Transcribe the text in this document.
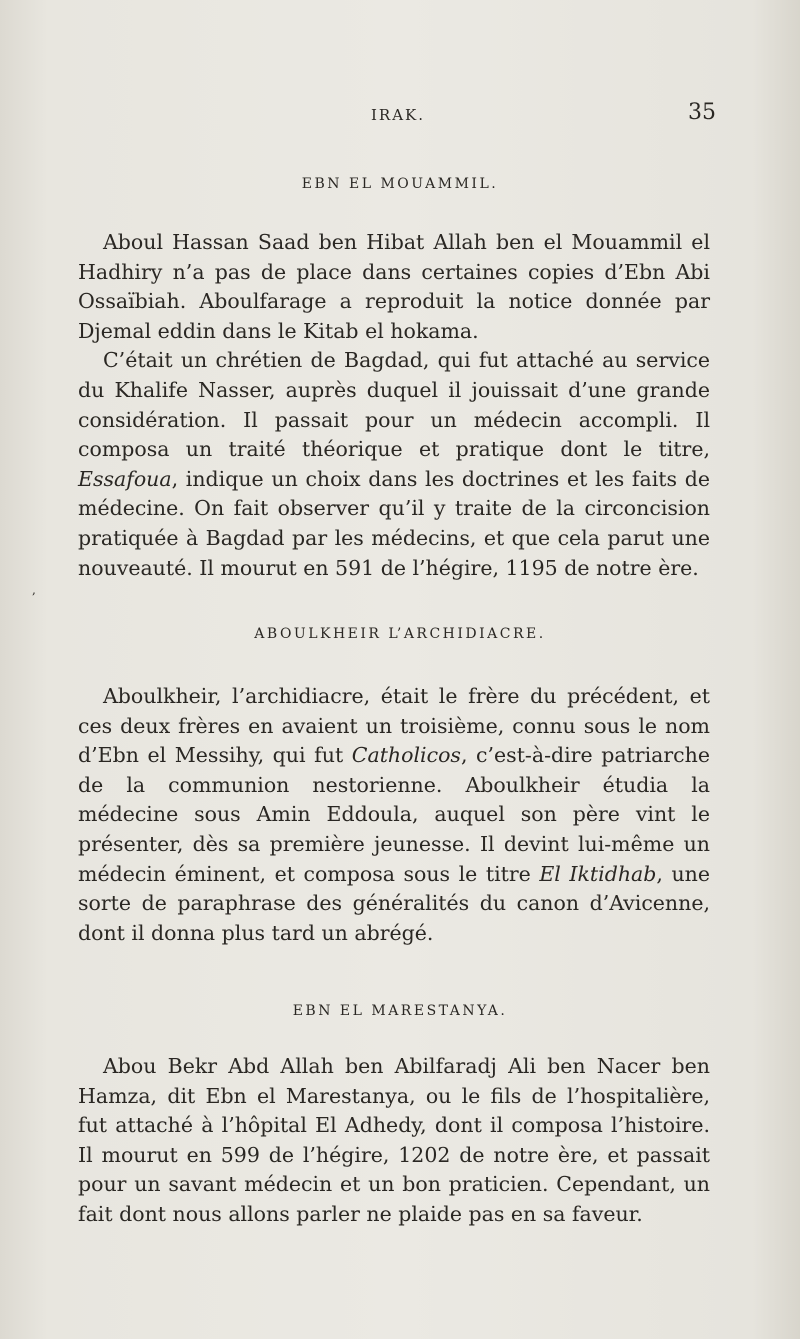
IRAK.	35
EBN EL MOUAMMIL.

Aboul Hassan Saad ben Hibat Allah ben el Mouammil el Hadhiry n’a pas de place dans certaines copies d’Ebn Abi Ossaïbiah. Aboulfarage a reproduit la notice donnée par Djemal eddin dans le Kitab el hokama.

C’était un chrétien de Bagdad, qui fut attaché au service du Khalife Nasser, auprès duquel il jouissait d’une grande considération. Il passait pour un médecin accompli. Il composa un traité théorique et pratique dont le titre, Essafoua, indique un choix dans les doctrines et les faits de médecine. On fait observer qu’il y traite de la circoncision pratiquée à Bagdad par les médecins, et que cela parut une nouveauté. Il mourut en 591 de l’hégire, 1195 de notre ère.

ABOULKHEIR L’ARCHIDIACRE.

Aboulkheir, l’archidiacre, était le frère du précédent, et ces deux frères en avaient un troisième, connu sous le nom d’Ebn el Messihy, qui fut Catholicos, c’est-à-dire patriarche de la communion nestorienne. Aboulkheir étudia la médecine sous Amin Eddoula, auquel son père vint le présenter, dès sa première jeunesse. Il devint lui-même un médecin éminent, et composa sous le titre El Iktidhab, une sorte de paraphrase des généralités du canon d’Avicenne, dont il donna plus tard un abrégé.

EBN EL MARESTANYA.

Abou Bekr Abd Allah ben Abilfaradj Ali ben Nacer ben Hamza, dit Ebn el Marestanya, ou le fils de l’hospitalière, fut attaché à l’hôpital El Adhedy, dont il composa l’histoire. Il mourut en 599 de l’hégire, 1202 de notre ère, et passait pour un savant médecin et un bon praticien. Cependant, un fait dont nous allons parler ne plaide pas en sa faveur.

,
